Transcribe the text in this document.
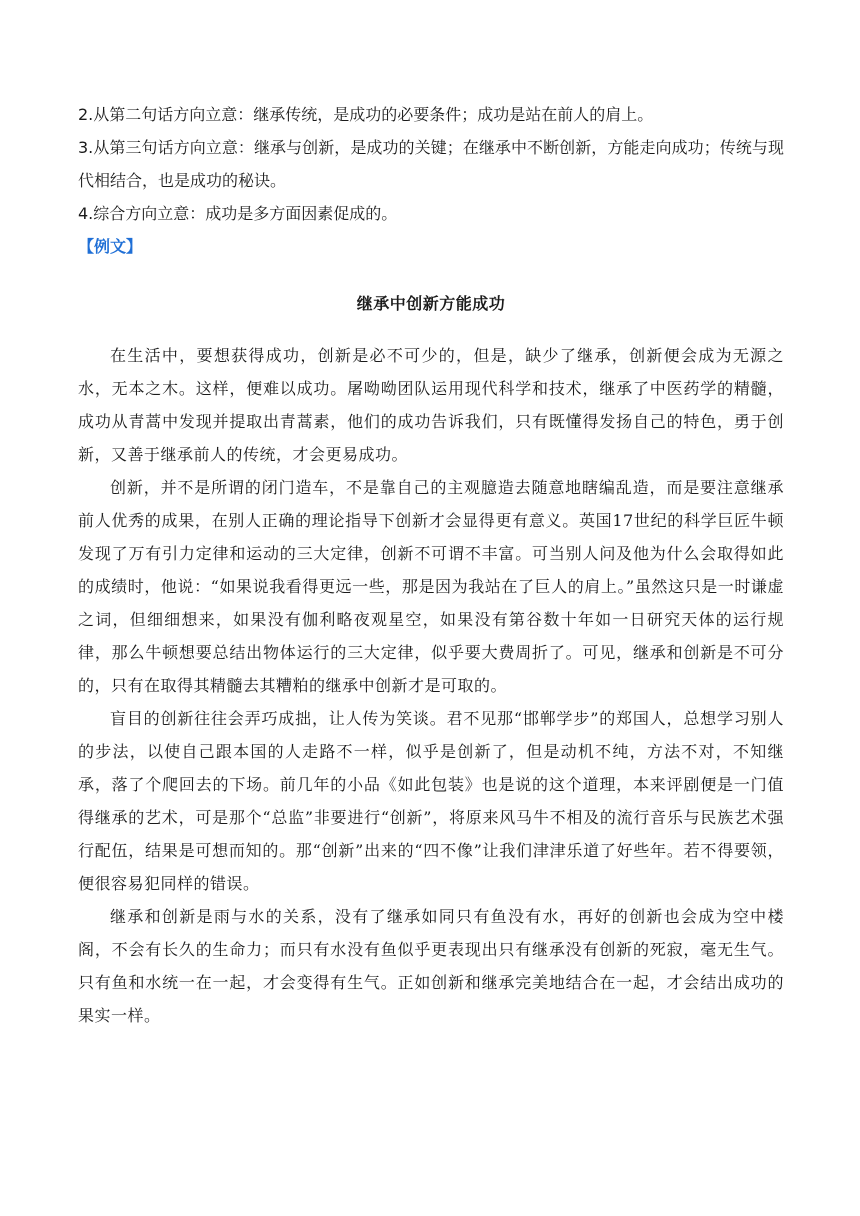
2.从第二句话方向立意：继承传统，是成功的必要条件；成功是站在前人的肩上。

3.从第三句话方向立意：继承与创新，是成功的关键；在继承中不断创新，方能走向成功；传统与现代相结合，也是成功的秘诀。

4.综合方向立意：成功是多方面因素促成的。

【例文】

继承中创新方能成功

在生活中，要想获得成功，创新是必不可少的，但是，缺少了继承，创新便会成为无源之水，无本之木。这样，便难以成功。屠呦呦团队运用现代科学和技术，继承了中医药学的精髓，成功从青蒿中发现并提取出青蒿素，他们的成功告诉我们，只有既懂得发扬自己的特色，勇于创新，又善于继承前人的传统，才会更易成功。

创新，并不是所谓的闭门造车，不是靠自己的主观臆造去随意地瞎编乱造，而是要注意继承前人优秀的成果，在别人正确的理论指导下创新才会显得更有意义。英国17世纪的科学巨匠牛顿发现了万有引力定律和运动的三大定律，创新不可谓不丰富。可当别人问及他为什么会取得如此的成绩时，他说：“如果说我看得更远一些，那是因为我站在了巨人的肩上。”虽然这只是一时谦虚之词，但细细想来，如果没有伽利略夜观星空，如果没有第谷数十年如一日研究天体的运行规律，那么牛顿想要总结出物体运行的三大定律，似乎要大费周折了。可见，继承和创新是不可分的，只有在取得其精髓去其糟粕的继承中创新才是可取的。

盲目的创新往往会弄巧成拙，让人传为笑谈。君不见那“邯郸学步”的郑国人，总想学习别人的步法，以使自己跟本国的人走路不一样，似乎是创新了，但是动机不纯，方法不对，不知继承，落了个爬回去的下场。前几年的小品《如此包装》也是说的这个道理，本来评剧便是一门值得继承的艺术，可是那个“总监”非要进行“创新”，将原来风马牛不相及的流行音乐与民族艺术强行配伍，结果是可想而知的。那“创新”出来的“四不像”让我们津津乐道了好些年。若不得要领，便很容易犯同样的错误。

继承和创新是雨与水的关系，没有了继承如同只有鱼没有水，再好的创新也会成为空中楼阁，不会有长久的生命力；而只有水没有鱼似乎更表现出只有继承没有创新的死寂，毫无生气。只有鱼和水统一在一起，才会变得有生气。正如创新和继承完美地结合在一起，才会结出成功的果实一样。
